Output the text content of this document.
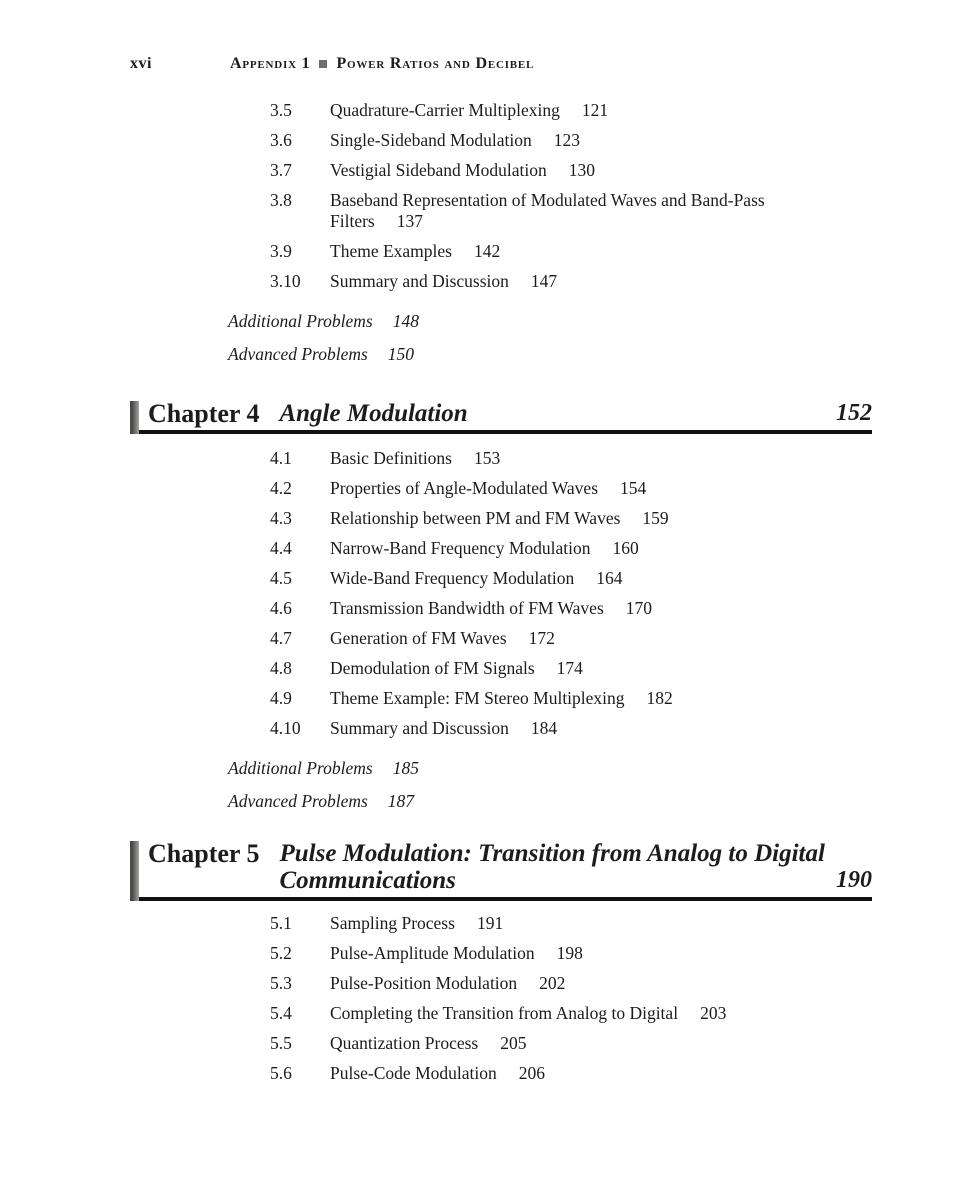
xvi	Appendix 1 Power Ratios and Decibel
3.5	Quadrature-Carrier Multiplexing 121
3.6	Single-Sideband Modulation 123
3.7	Vestigial Sideband Modulation 130
3.8	Baseband Representation of Modulated Waves and Band-Pass Filters 137
3.9	Theme Examples 142
3.10	Summary and Discussion 147
Additional Problems 148
Advanced Problems 150
Chapter 4 Angle Modulation	152
4.1	Basic Definitions 153
4.2	Properties of Angle-Modulated Waves 154
4.3	Relationship between PM and FM Waves 159
4.4	Narrow-Band Frequency Modulation 160
4.5	Wide-Band Frequency Modulation 164
4.6	Transmission Bandwidth of FM Waves 170
4.7	Generation of FM Waves 172
4.8	Demodulation of FM Signals 174
4.9	Theme Example: FM Stereo Multiplexing 182
4.10	Summary and Discussion 184
Additional Problems 185
Advanced Problems 187
Chapter 5 Pulse Modulation: Transition from Analog to Digital
Communications	190
5.1	Sampling Process 191
5.2	Pulse-Amplitude Modulation 198
5.3	Pulse-Position Modulation 202
5.4	Completing the Transition from Analog to Digital 203
5.5	Quantization Process 205
5.6	Pulse-Code Modulation 206
